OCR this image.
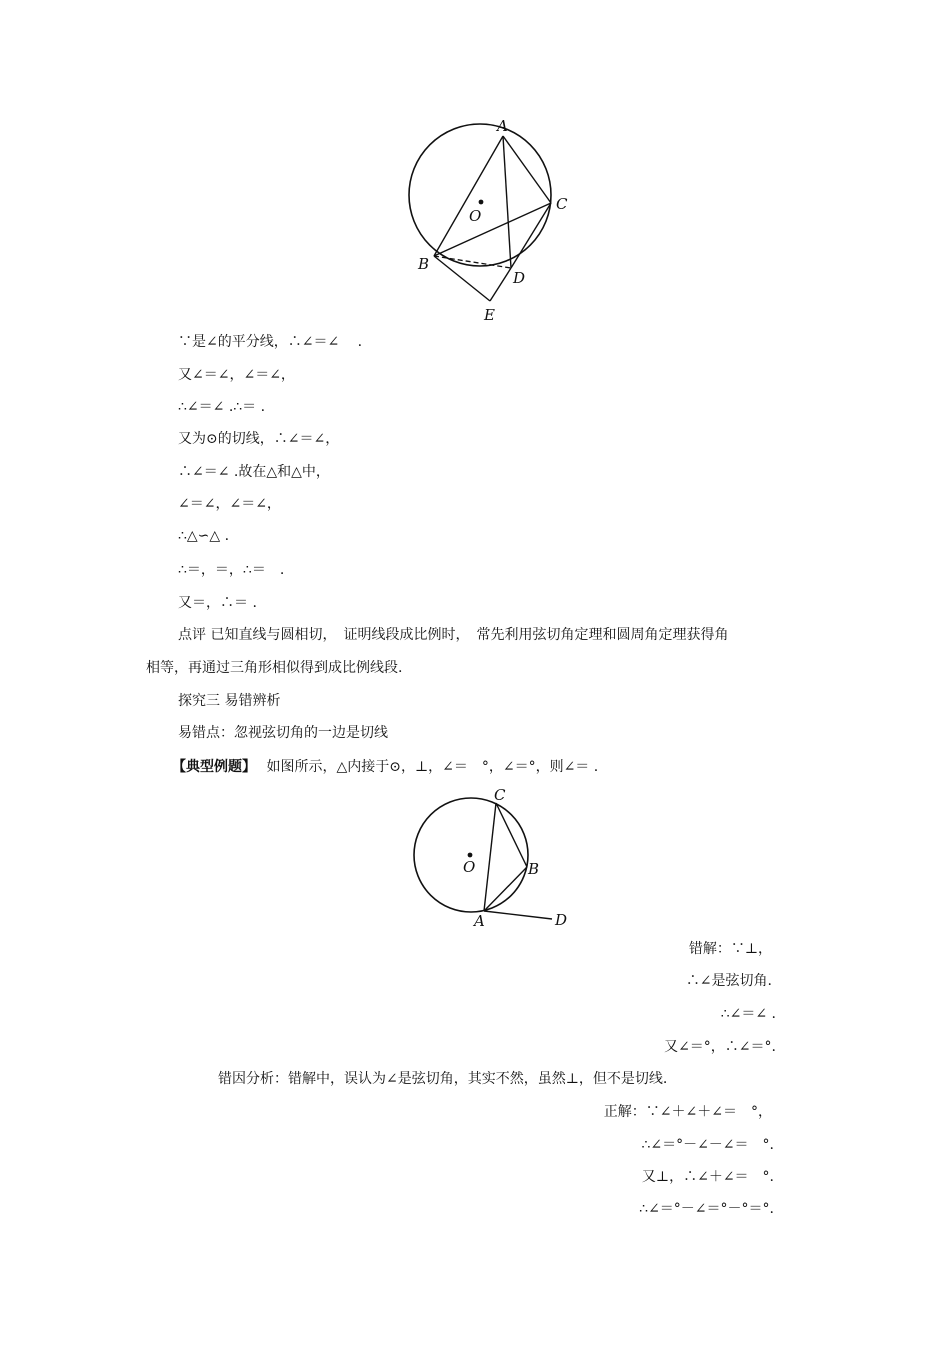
A
O
C
B
D
E
∵是∠的平分线，∴∠＝∠　 .
又∠＝∠，∠＝∠，
∴∠＝∠ .∴＝ .
又为⊙的切线，∴∠＝∠，
∴∠＝∠ .故在△和△中，
∠＝∠，∠＝∠，
∴△∽△ .
∴＝，＝，∴＝　.
又＝，∴＝ .
点评 已知直线与圆相切，　证明线段成比例时，　常先利用弦切角定理和圆周角定理获得角
相等，再通过三角形相似得到成比例线段.
探究三 易错辨析
易错点：忽视弦切角的一边是切线
【典型例题】 如图所示，△内接于⊙，⊥，∠＝　°，∠＝°，则∠＝ .
C
O	B
A	D
错解：∵⊥，
∴∠是弦切角.
∴∠＝∠ .
又∠＝°，∴∠＝°.
错因分析：错解中，误认为∠是弦切角，其实不然，虽然⊥，但不是切线.
正解：∵∠＋∠＋∠＝　°，
∴∠＝°－∠－∠＝　°.
又⊥，∴∠＋∠＝　°.
∴∠＝°－∠＝°－°＝°.
